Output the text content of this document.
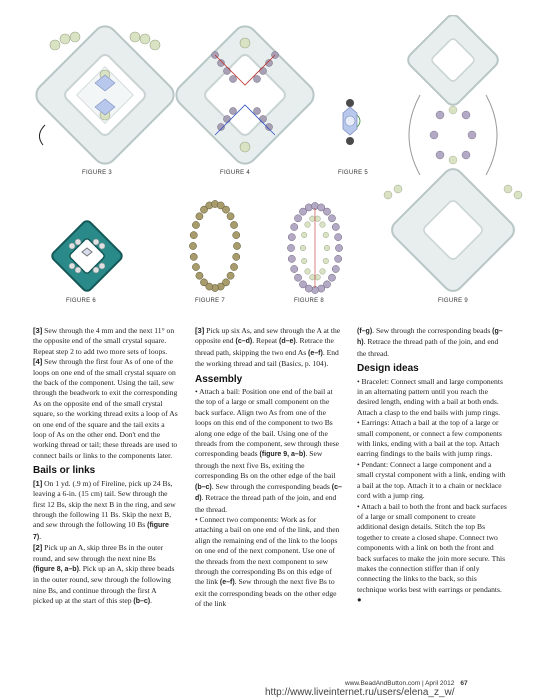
FIGURE 3	FIGURE 4	FIGURE 5
FIGURE 6	FIGURE 7	FIGURE 8	FIGURE 9

[3] Sew through the 4 mm and the next 11° on the opposite end of the small crystal square. Repeat step 2 to add two more sets of loops.

[4] Sew through the first four As of one of the loops on one end of the small crystal square on the back of the component. Using the tail, sew through the beadwork to exit the corresponding As on the opposite end of the small crystal square, so the working thread exits a loop of As on one end of the square and the tail exits a loop of As on the other end. Don't end the working thread or tail; these threads are used to connect bails or links to the components later.

Bails or links

[1] On 1 yd. (.9 m) of Fireline, pick up 24 Bs, leaving a 6-in. (15 cm) tail. Sew through the first 12 Bs, skip the next B in the ring, and sew through the following 11 Bs. Skip the next B, and sew through the following 10 Bs (figure 7).

[2] Pick up an A, skip three Bs in the outer round, and sew through the next nine Bs (figure 8, a–b). Pick up an A, skip three beads in the outer round, sew through the following nine Bs, and continue through the first A picked up at the start of this step (b–c).

[3] Pick up six As, and sew through the A at the opposite end (c–d). Repeat (d–e). Retrace the thread path, skipping the two end As (e–f). End the working thread and tail (Basics, p. 104).

Assembly

• Attach a bail: Position one end of the bail at the top of a large or small component on the back surface. Align two As from one of the loops on this end of the component to two Bs along one edge of the bail. Using one of the threads from the component, sew through these corresponding beads (figure 9, a–b). Sew through the next five Bs, exiting the corresponding Bs on the other edge of the bail (b–c). Sew through the corresponding beads (c–d). Retrace the thread path of the join, and end the thread.

• Connect two components: Work as for attaching a bail on one end of the link, and then align the remaining end of the link to the loops on one end of the next component. Use one of the threads from the next component to sew through the corresponding Bs on this edge of the link (e–f). Sew through the next five Bs to exit the corresponding beads on the other edge of the link

(f–g). Sew through the corresponding beads (g–h). Retrace the thread path of the join, and end the thread.

Design ideas

• Bracelet: Connect small and large components in an alternating pattern until you reach the desired length, ending with a bail at both ends. Attach a clasp to the end bails with jump rings.

• Earrings: Attach a bail at the top of a large or small component, or connect a few components with links, ending with a bail at the top. Attach earring findings to the bails with jump rings.

• Pendant: Connect a large component and a small crystal component with a link, ending with a bail at the top. Attach it to a chain or necklace cord with a jump ring.

• Attach a bail to both the front and back surfaces of a large or small component to create additional design details. Stitch the top Bs together to create a closed shape. Connect two components with a link on both the front and back surfaces to make the join more secure. This makes the connection stiffer than if only connecting the links to the back, so this technique works best with earrings or pendants. ●

www.BeadAndButton.com | April 2012 67
http://www.liveinternet.ru/users/elena_z_w/
